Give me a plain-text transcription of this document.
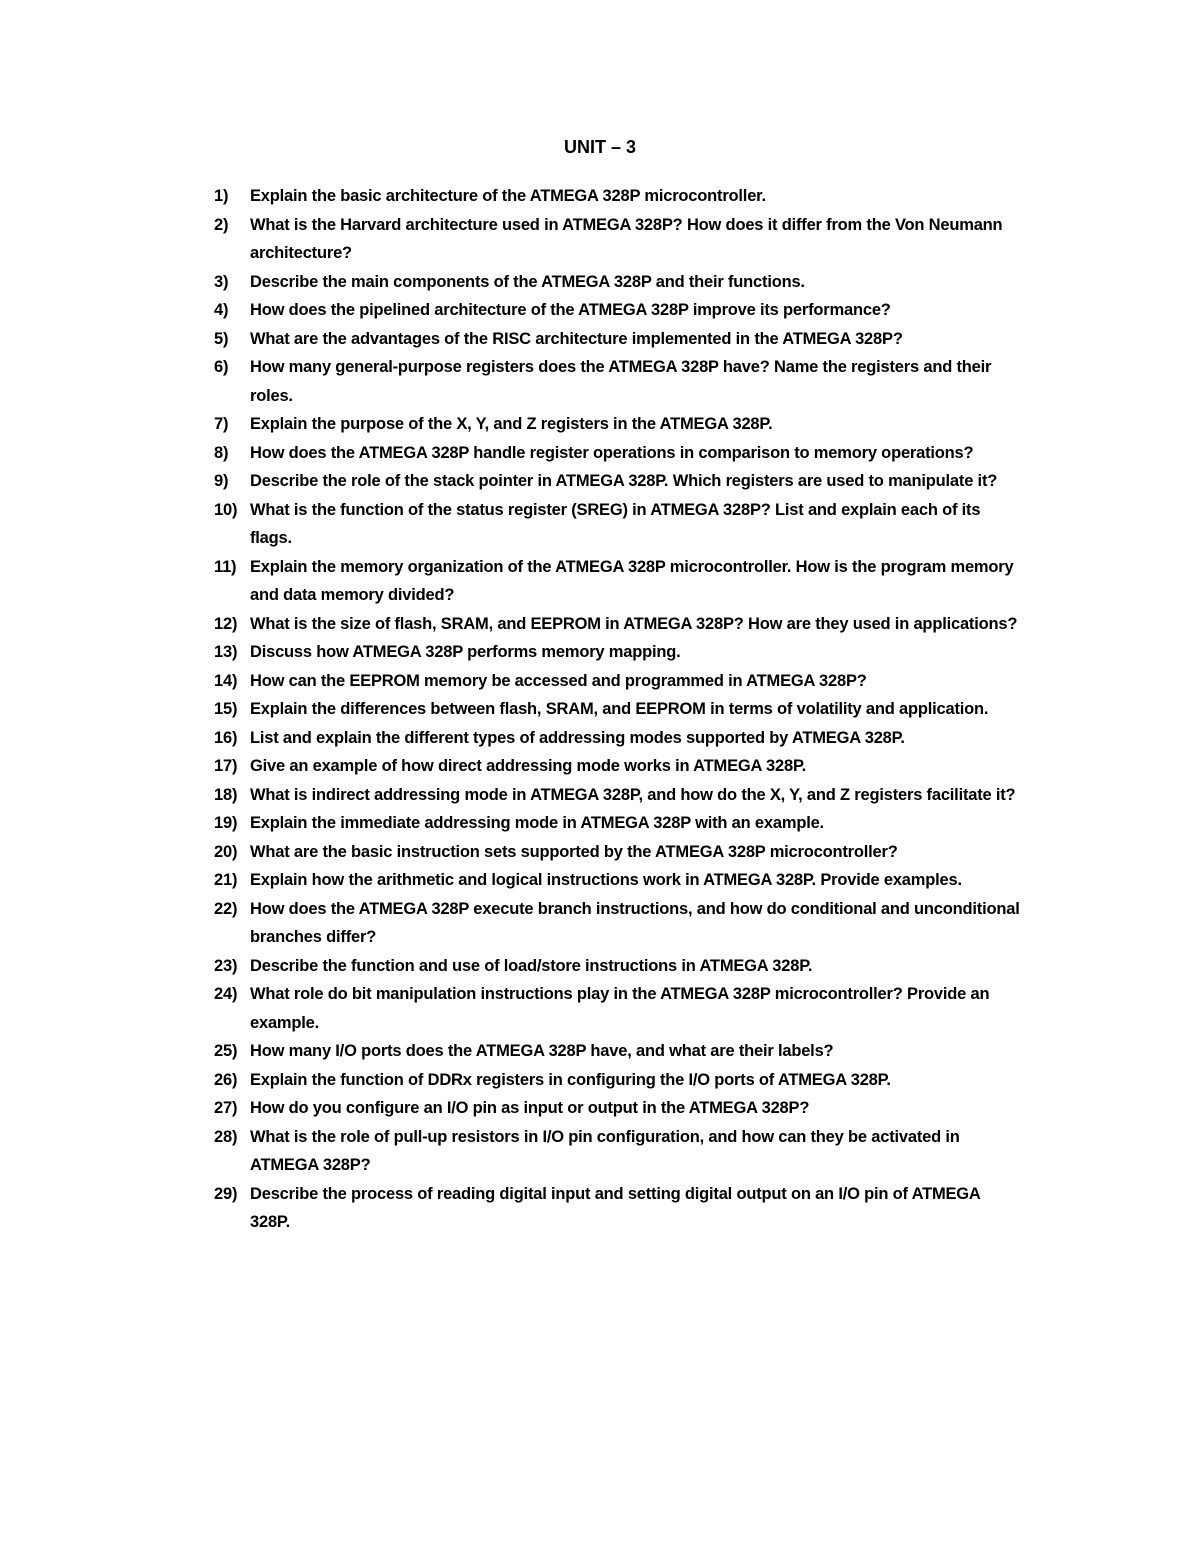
UNIT – 3
1)	Explain the basic architecture of the ATMEGA 328P microcontroller.
2)	What is the Harvard architecture used in ATMEGA 328P? How does it differ from the Von Neumann architecture?
3)	Describe the main components of the ATMEGA 328P and their functions.
4)	How does the pipelined architecture of the ATMEGA 328P improve its performance?
5)	What are the advantages of the RISC architecture implemented in the ATMEGA 328P?
6)	How many general-purpose registers does the ATMEGA 328P have? Name the registers and their roles.
7)	Explain the purpose of the X, Y, and Z registers in the ATMEGA 328P.
8)	How does the ATMEGA 328P handle register operations in comparison to memory operations?
9)	Describe the role of the stack pointer in ATMEGA 328P. Which registers are used to manipulate it?
10) What is the function of the status register (SREG) in ATMEGA 328P? List and explain each of its flags.
11) Explain the memory organization of the ATMEGA 328P microcontroller. How is the program memory and data memory divided?
12) What is the size of flash, SRAM, and EEPROM in ATMEGA 328P? How are they used in applications?
13) Discuss how ATMEGA 328P performs memory mapping.
14) How can the EEPROM memory be accessed and programmed in ATMEGA 328P?
15) Explain the differences between flash, SRAM, and EEPROM in terms of volatility and application.
16) List and explain the different types of addressing modes supported by ATMEGA 328P.
17) Give an example of how direct addressing mode works in ATMEGA 328P.
18) What is indirect addressing mode in ATMEGA 328P, and how do the X, Y, and Z registers facilitate it?
19) Explain the immediate addressing mode in ATMEGA 328P with an example.
20) What are the basic instruction sets supported by the ATMEGA 328P microcontroller?
21) Explain how the arithmetic and logical instructions work in ATMEGA 328P. Provide examples.
22) How does the ATMEGA 328P execute branch instructions, and how do conditional and unconditional branches differ?
23) Describe the function and use of load/store instructions in ATMEGA 328P.
24) What role do bit manipulation instructions play in the ATMEGA 328P microcontroller? Provide an example.
25) How many I/O ports does the ATMEGA 328P have, and what are their labels?
26) Explain the function of DDRx registers in configuring the I/O ports of ATMEGA 328P.
27) How do you configure an I/O pin as input or output in the ATMEGA 328P?
28) What is the role of pull-up resistors in I/O pin configuration, and how can they be activated in ATMEGA 328P?
29) Describe the process of reading digital input and setting digital output on an I/O pin of ATMEGA 328P.
